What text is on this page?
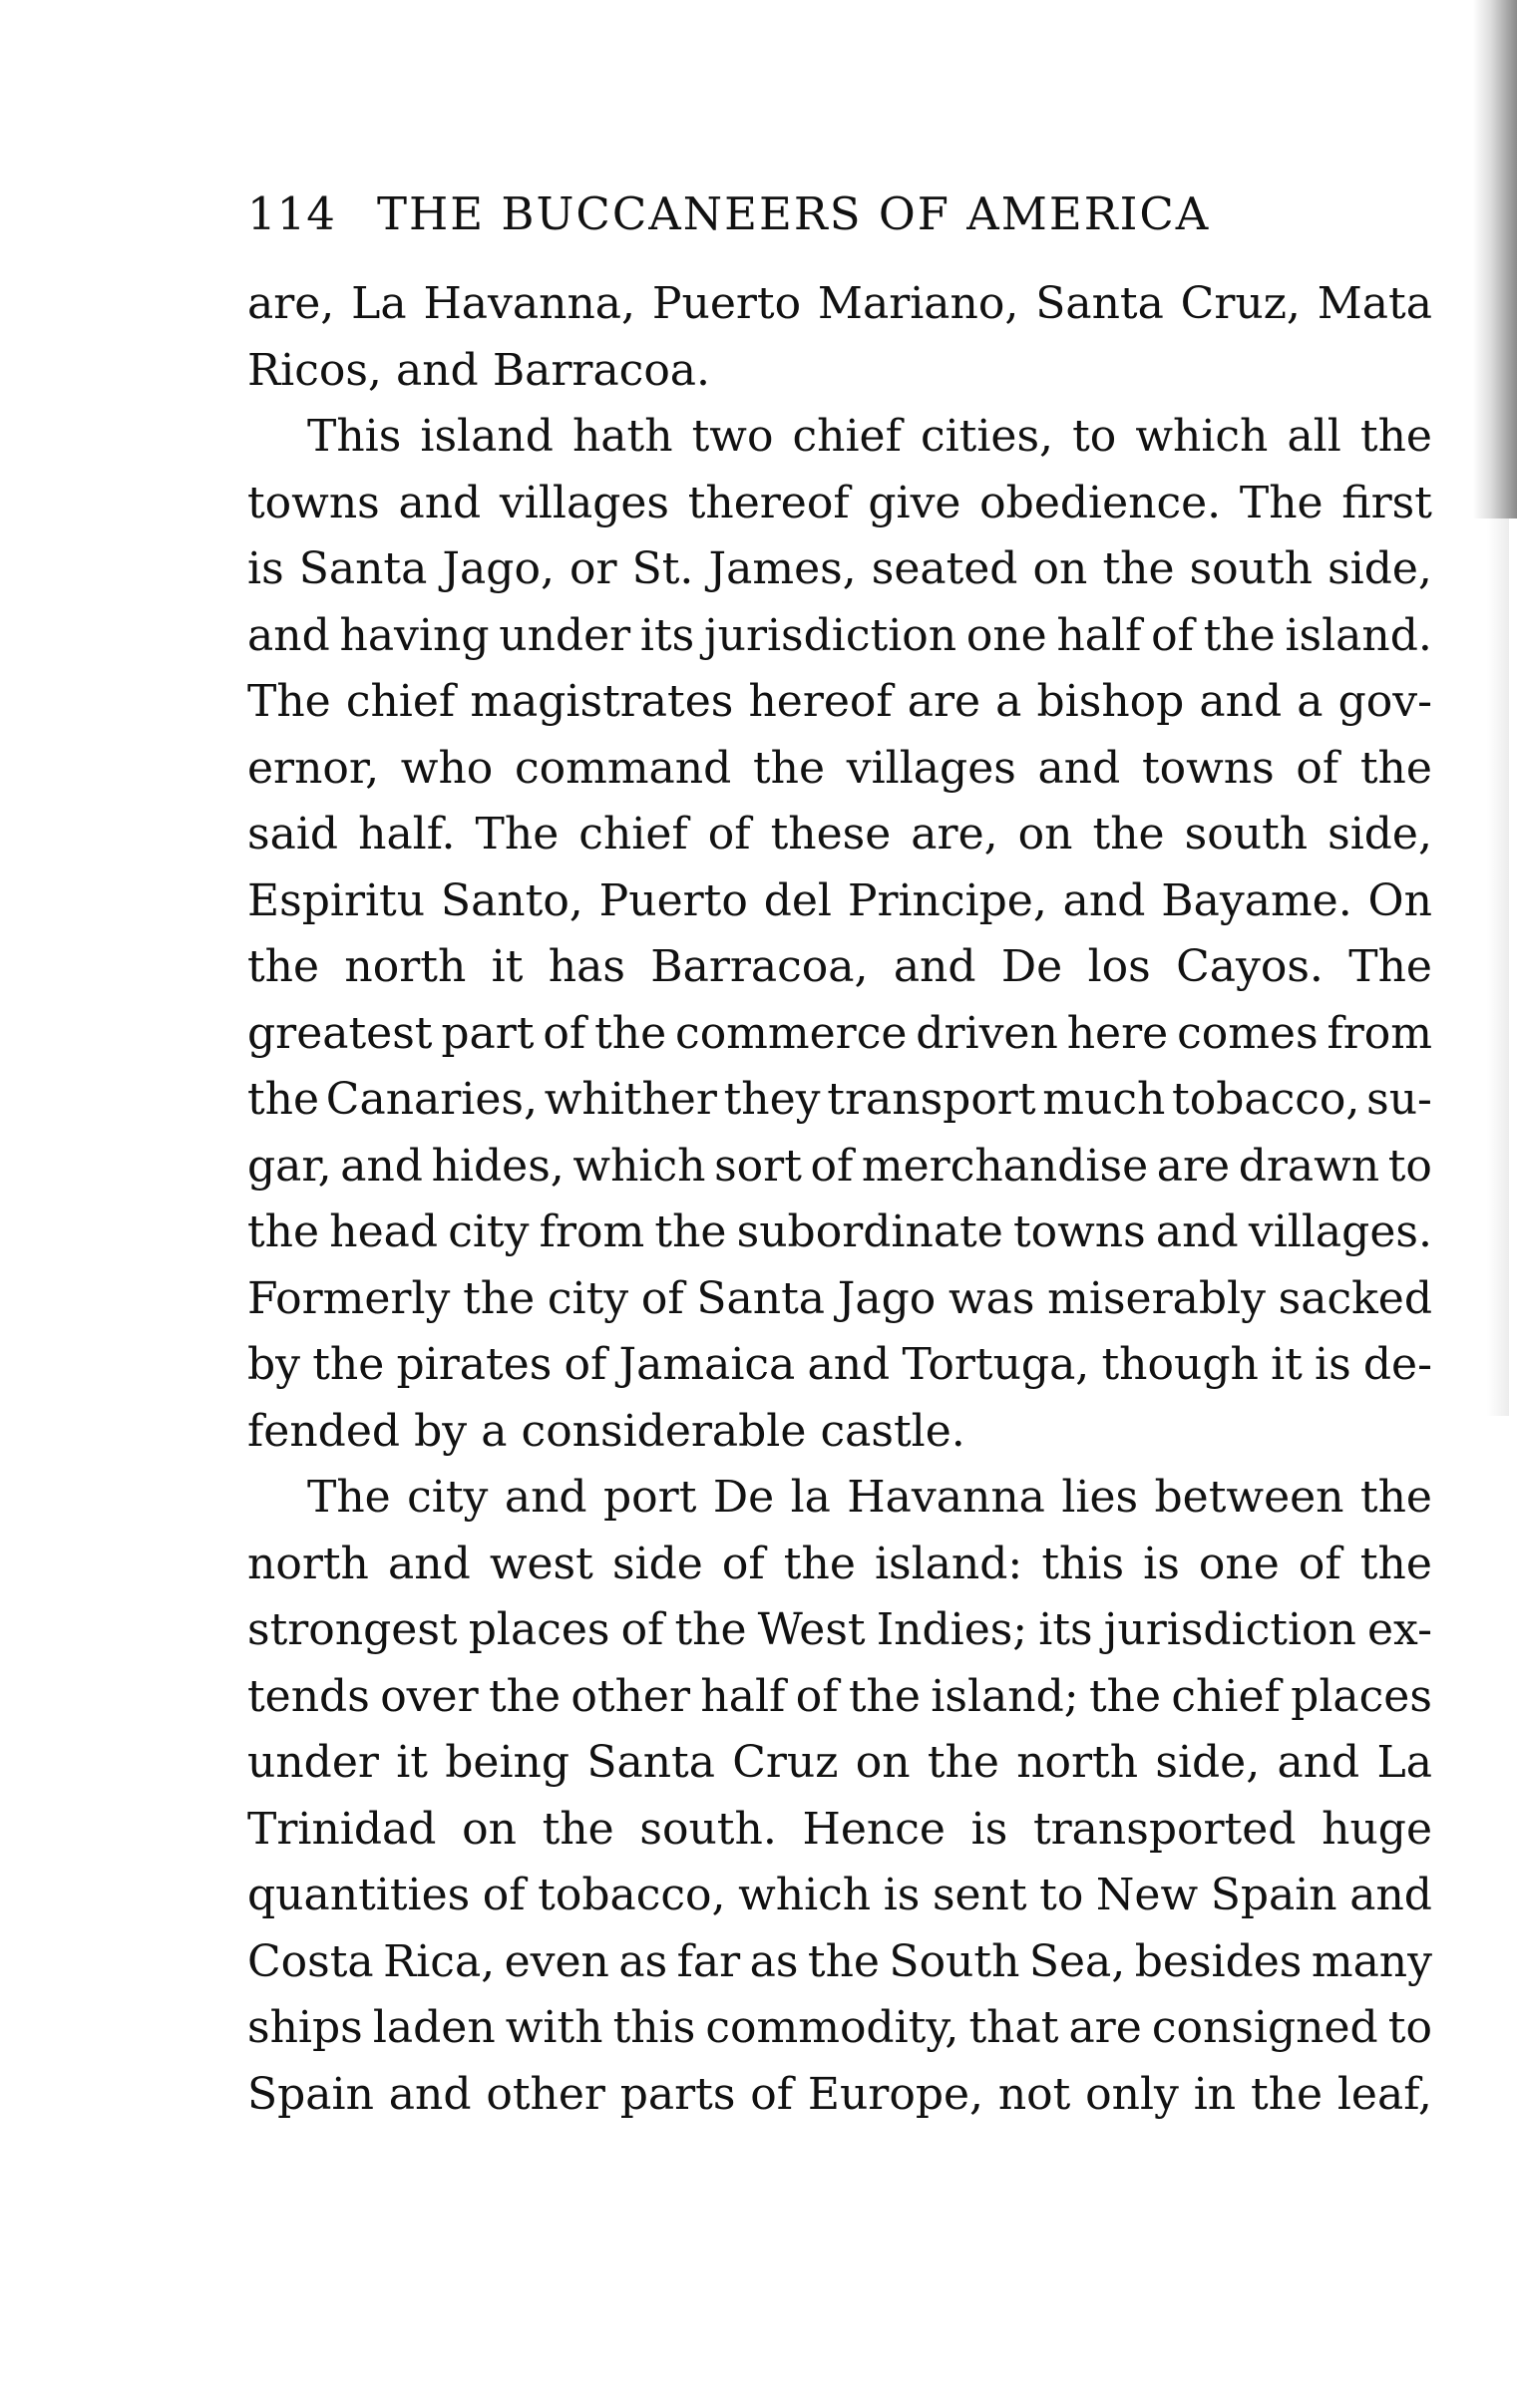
114 THE BUCCANEERS OF AMERICA
are, La Havanna, Puerto Mariano, Santa Cruz, Mata
Ricos, and Barracoa.
This island hath two chief cities, to which all the
towns and villages thereof give obedience. The first
is Santa Jago, or St. James, seated on the south side,
and having under its jurisdiction one half of the island.
The chief magistrates hereof are a bishop and a gov-
ernor, who command the villages and towns of the
said half. The chief of these are, on the south side,
Espiritu Santo, Puerto del Principe, and Bayame. On
the north it has Barracoa, and De los Cayos. The
greatest part of the commerce driven here comes from
the Canaries, whither they transport much tobacco, su-
gar, and hides, which sort of merchandise are drawn to
the head city from the subordinate towns and villages.
Formerly the city of Santa Jago was miserably sacked
by the pirates of Jamaica and Tortuga, though it is de-
fended by a considerable castle.
The city and port De la Havanna lies between the
north and west side of the island: this is one of the
strongest places of the West Indies; its jurisdiction ex-
tends over the other half of the island; the chief places
under it being Santa Cruz on the north side, and La
Trinidad on the south. Hence is transported huge
quantities of tobacco, which is sent to New Spain and
Costa Rica, even as far as the South Sea, besides many
ships laden with this commodity, that are consigned to
Spain and other parts of Europe, not only in the leaf,
